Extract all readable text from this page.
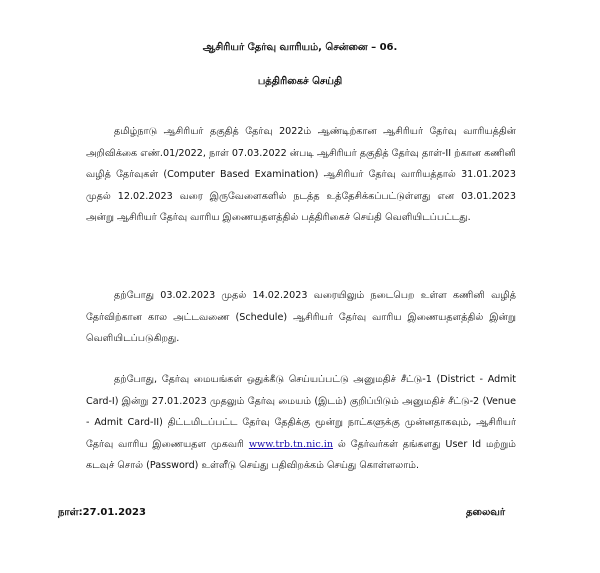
ஆசிரியர் தேர்வு வாரியம், சென்னை – 06.
பத்திரிகைச் செய்தி

தமிழ்நாடு ஆசிரியர் தகுதித் தேர்வு 2022ம் ஆண்டிற்கான ஆசிரியர் தேர்வு வாரியத்தின் அறிவிக்கை எண்.01/2022, நாள் 07.03.2022 ன்படி ஆசிரியர் தகுதித் தேர்வு தாள்-II ற்கான கணினி வழித் தேர்வுகள் (Computer Based Examination) ஆசிரியர் தேர்வு வாரியத்தால் 31.01.2023 முதல் 12.02.2023 வரை இருவேளைகளில் நடத்த உத்தேசிக்கப்பட்டுள்ளது என 03.01.2023 அன்று ஆசிரியர் தேர்வு வாரிய இணையதளத்தில் பத்திரிகைச் செய்தி வெளியிடப்பட்டது.

தற்போது 03.02.2023 முதல் 14.02.2023 வரையிலும் நடைபெற உள்ள கணினி வழித் தேர்விற்கான கால அட்டவணை (Schedule) ஆசிரியர் தேர்வு வாரிய இணையதளத்தில் இன்று வெளியிடப்படுகிறது.

தற்போது, தேர்வு மையங்கள் ஒதுக்கீடு செய்யப்பட்டு அனுமதிச் சீட்டு-1 (District - Admit Card-I) இன்று 27.01.2023 முதலும் தேர்வு மையம் (இடம்) குறிப்பிடும் அனுமதிச் சீட்டு-2 (Venue - Admit Card-II) திட்டமிடப்பட்ட தேர்வு தேதிக்கு மூன்று நாட்களுக்கு முன்னதாகவும், ஆசிரியர் தேர்வு வாரிய இணையதள முகவரி www.trb.tn.nic.in ல் தேர்வர்கள் தங்களது User Id மற்றும் கடவுச் சொல் (Password) உள்ளீடு செய்து பதிவிறக்கம் செய்து கொள்ளலாம்.

நாள்:27.01.2023	தலைவர்
